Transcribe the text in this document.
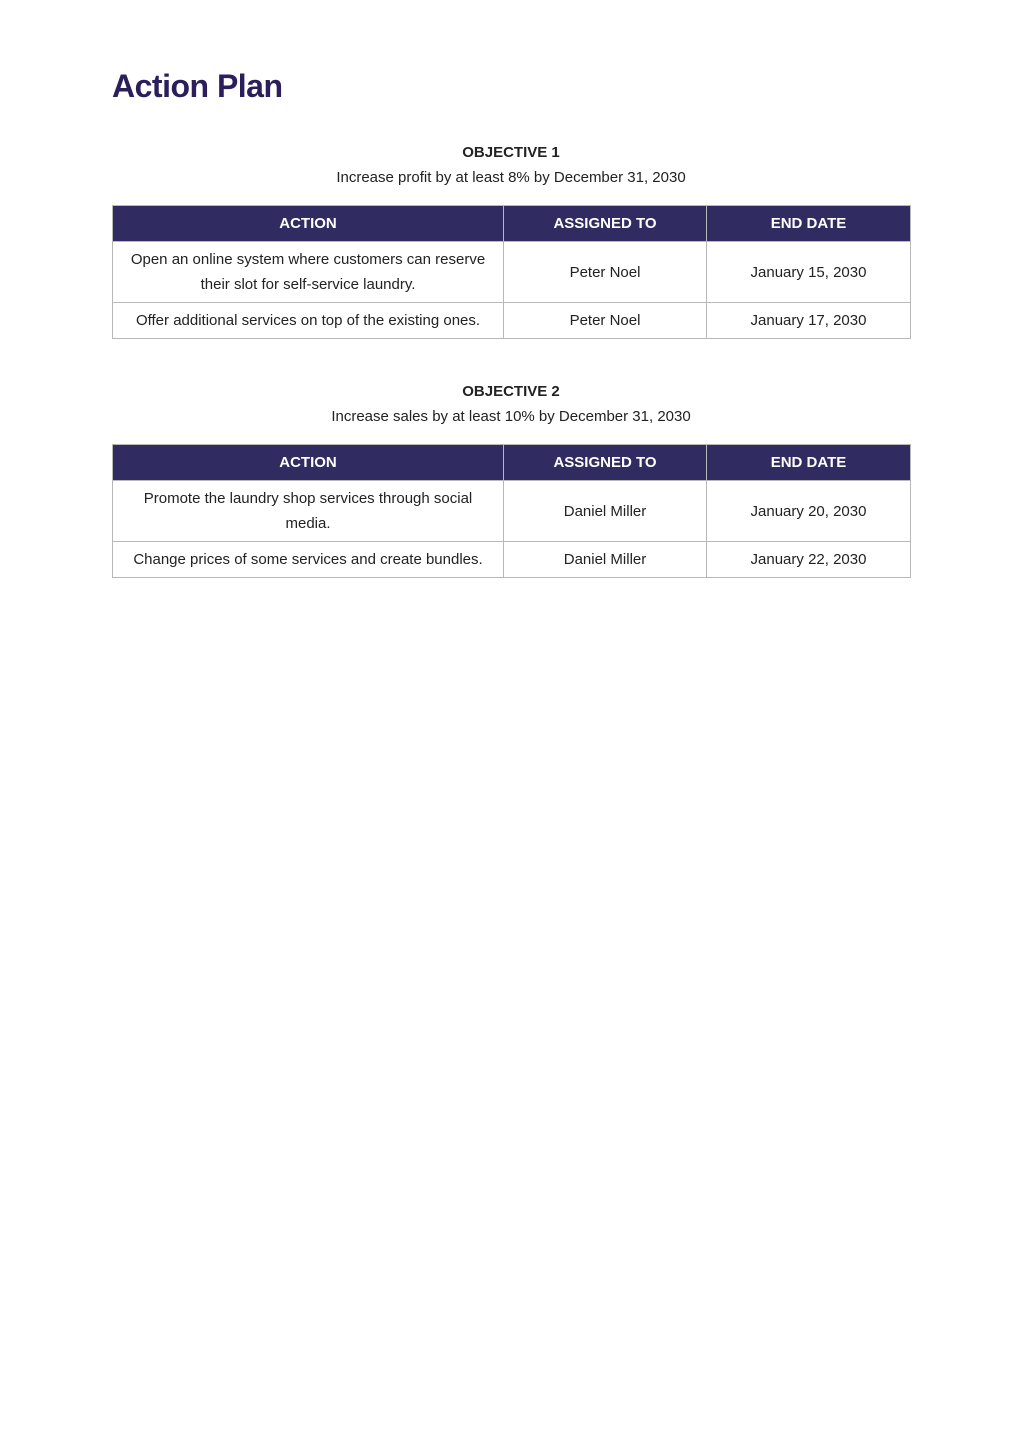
Action Plan
OBJECTIVE 1
Increase profit by at least 8% by December 31, 2030
ACTION	ASSIGNED TO	END DATE
Open an online system where customers can reserve their slot for self-service laundry.	Peter Noel	January 15, 2030
Offer additional services on top of the existing ones.	Peter Noel	January 17, 2030
OBJECTIVE 2
Increase sales by at least 10% by December 31, 2030
ACTION	ASSIGNED TO	END DATE
Promote the laundry shop services through social media.	Daniel Miller	January 20, 2030
Change prices of some services and create bundles.	Daniel Miller	January 22, 2030
